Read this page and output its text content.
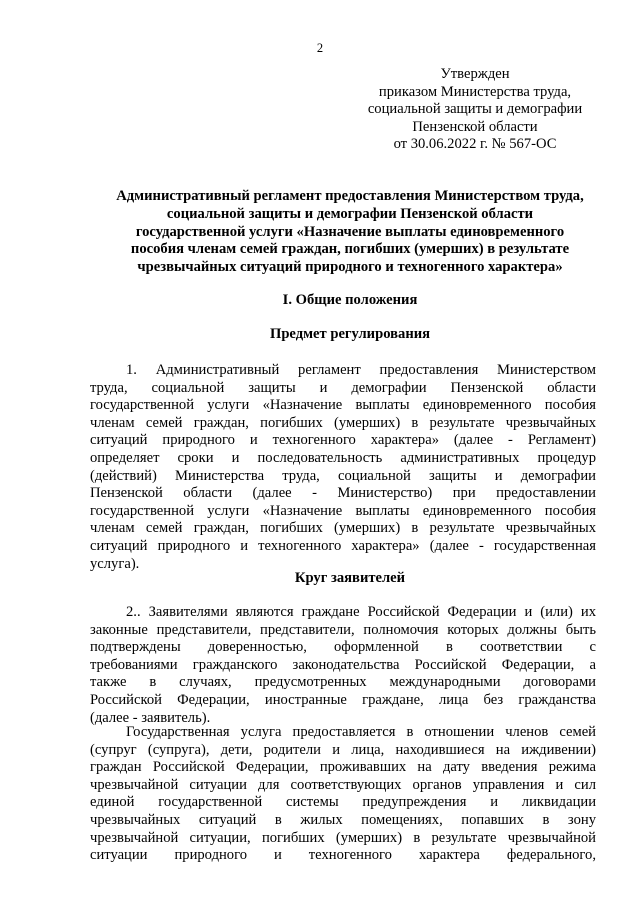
2
Утвержден
приказом Министерства труда,
социальной защиты и демографии
Пензенской области
от 30.06.2022 г. № 567-ОС
Административный регламент предоставления Министерством труда,
социальной защиты и демографии Пензенской области
государственной услуги «Назначение выплаты единовременного
пособия членам семей граждан, погибших (умерших) в результате
чрезвычайных ситуаций природного и техногенного характера»
I. Общие положения
Предмет регулирования
1. Административный регламент предоставления Министерством
труда, социальной защиты и демографии Пензенской области
государственной услуги «Назначение выплаты единовременного пособия
членам семей граждан, погибших (умерших) в результате чрезвычайных
ситуаций природного и техногенного характера» (далее - Регламент)
определяет сроки и последовательность административных процедур
(действий) Министерства труда, социальной защиты и демографии
Пензенской области (далее - Министерство) при предоставлении
государственной услуги «Назначение выплаты единовременного пособия
членам семей граждан, погибших (умерших) в результате чрезвычайных
ситуаций природного и техногенного характера» (далее - государственная
услуга).
Круг заявителей
2.. Заявителями являются граждане Российской Федерации и (или) их
законные представители, представители, полномочия которых должны быть
подтверждены доверенностью, оформленной в соответствии с
требованиями гражданского законодательства Российской Федерации, а
также в случаях, предусмотренных международными договорами
Российской Федерации, иностранные граждане, лица без гражданства
(далее - заявитель).
Государственная услуга предоставляется в отношении членов семей
(супруг (супруга), дети, родители и лица, находившиеся на иждивении)
граждан Российской Федерации, проживавших на дату введения режима
чрезвычайной ситуации для соответствующих органов управления и сил
единой государственной системы предупреждения и ликвидации
чрезвычайных ситуаций в жилых помещениях, попавших в зону
чрезвычайной ситуации, погибших (умерших) в результате чрезвычайной
ситуации природного и техногенного характера федерального,
